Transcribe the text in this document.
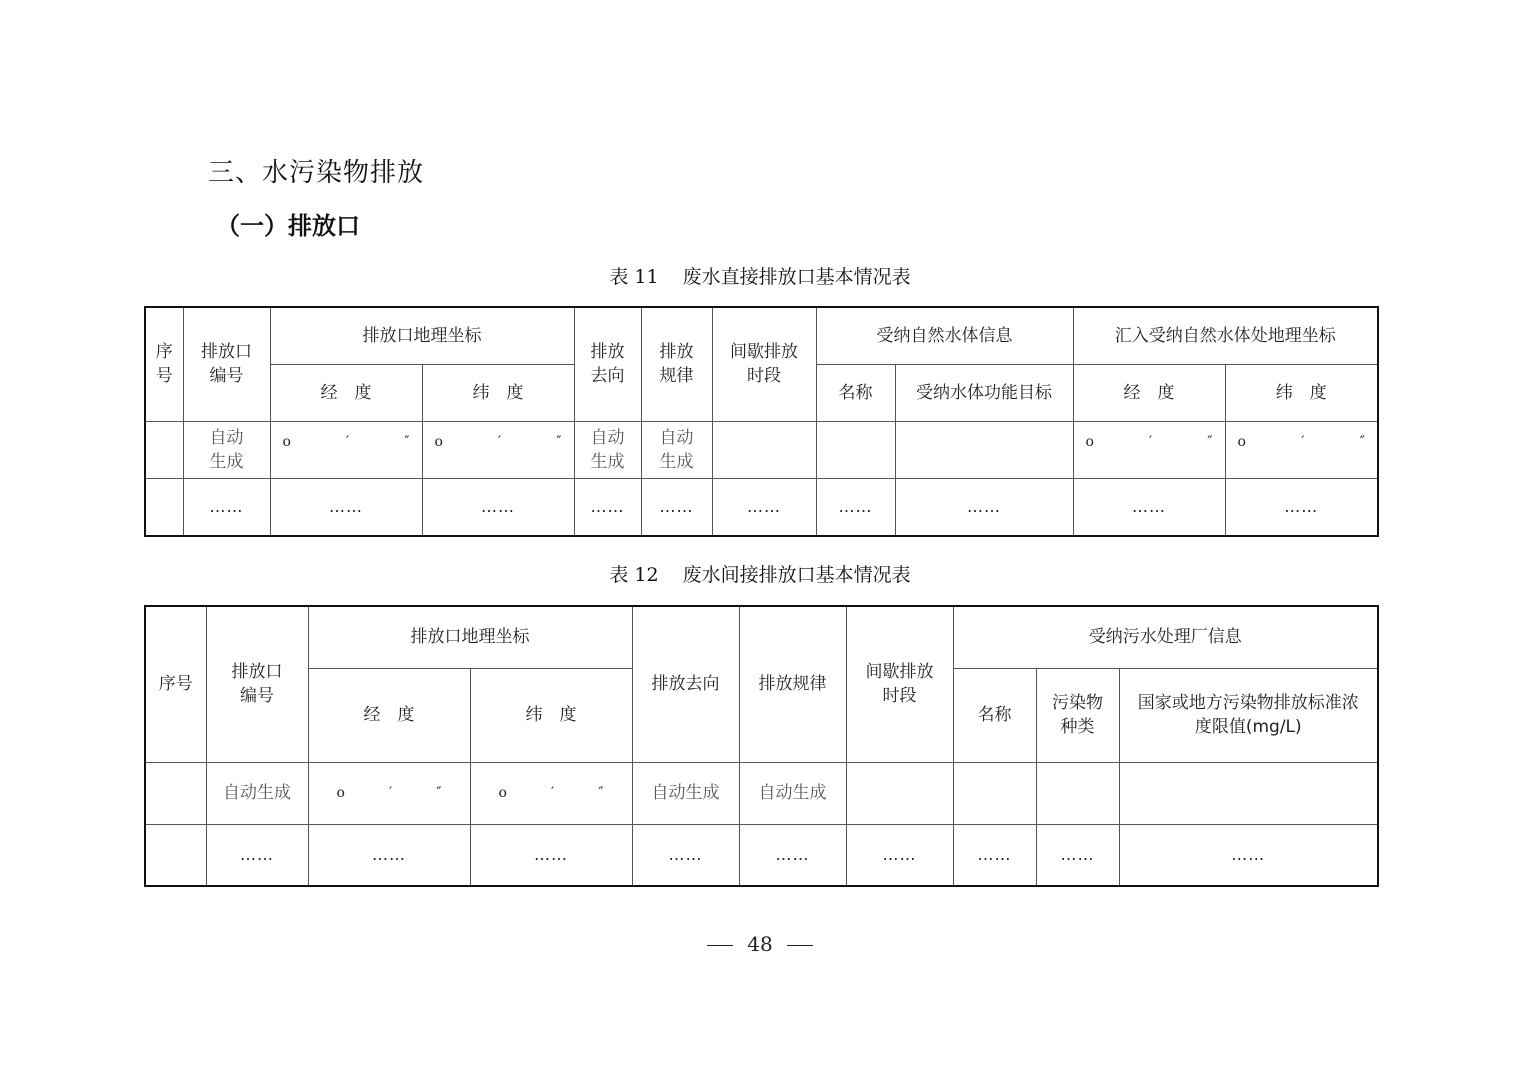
三、水污染物排放
（一）排放口
表 11 废水直接排放口基本情况表
序号	排放口编号	排放口地理坐标		排放去向	排放规律	间歇排放时段	受纳自然水体信息		汇入受纳自然水体处地理坐标	
		经　度	纬　度				名称	受纳水体功能目标	经　度	纬　度
	自动生成	o ′ ″	o ′ ″	自动生成	自动生成				o ′ ″	o ′ ″

	……	……	……	……	……	……	……	……	……	……
表 12 废水间接排放口基本情况表
序号	排放口编号	排放口地理坐标		排放去向	排放规律	间歇排放时段	受纳污水处理厂信息		
		经　度	纬　度				名称	污染物种类	国家或地方污染物排放标准浓度限值(mg/L)
	自动生成	o ′ ″	o ′ ″	自动生成	自动生成				
	……	……	……	……	……	……	……	……	……
48
